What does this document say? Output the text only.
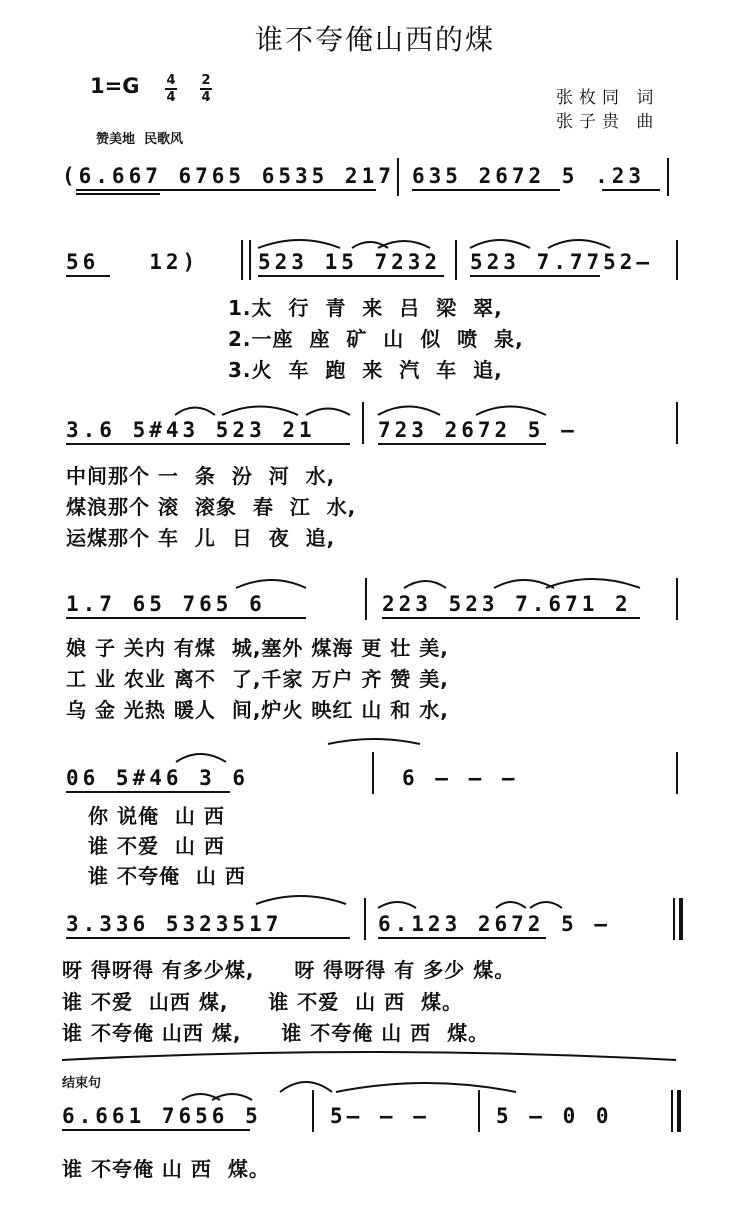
谁不夸俺山西的煤
1=G 4
4
2
4	张枚同 词
张子贵 曲
赞美地  民歌风
(6.667 6765 6535 217 635 2672 5 .23
56   12)	523 15 7232 523 7.7752—
1.太  行  青  来  吕  梁  翠,
2.一座  座  矿  山  似  喷  泉,
3.火  车  跑  来  汽  车  追,
3.6 5#43 523 21	723 2672 5 —
中间那个 一  条  汾  河  水,
煤浪那个 滚  滚象  春  江  水,
运煤那个 车  儿  日  夜  追,
1.7 65 765 6	223 523 7.671 2
娘 子 关内 有煤  城,塞外 煤海 更 壮 美,
工 业 农业 离不  了,千家 万户 齐 赞 美,
乌 金 光热 暖人  间,炉火 映红 山 和 水,
06 5#46 3 6	6 — — —
你 说俺  山 西
谁 不爱  山 西
谁 不夸俺  山 西
3.336 5323517	6.123 2672 5 —
呀 得呀得 有多少煤,     呀 得呀得 有 多少 煤。
谁 不爱  山西 煤,     谁 不爱  山 西  煤。
谁 不夸俺 山西 煤,     谁 不夸俺 山 西  煤。
结束句
6.661 7656 5	5— — —	5 — 0 0
谁 不夸俺 山 西  煤。
